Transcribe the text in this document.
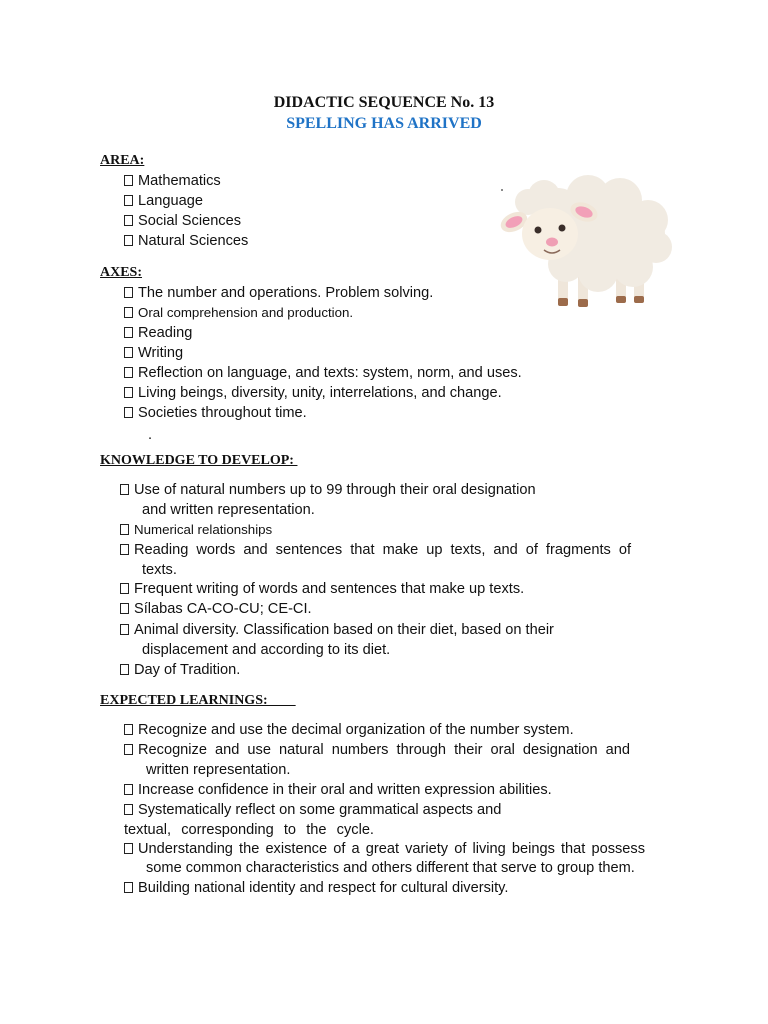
DIDACTIC SEQUENCE No. 13
SPELLING HAS ARRIVED
AREA:
Mathematics
Language
Social Sciences
Natural Sciences
AXES:
The number and operations. Problem solving.
Oral comprehension and production.
Reading
Writing
Reflection on language, and texts: system, norm, and uses.
Living beings, diversity, unity, interrelations, and change.
Societies throughout time.
.
KNOWLEDGE TO DEVELOP:
Use of natural numbers up to 99 through their oral designation
and written representation.
Numerical relationships
Reading words and sentences that make up texts, and of fragments of
texts.
Frequent writing of words and sentences that make up texts.
Sílabas CA-CO-CU; CE-CI.
Animal diversity. Classification based on their diet, based on their
displacement and according to its diet.
Day of Tradition.
EXPECTED LEARNINGS:
Recognize and use the decimal organization of the number system.
Recognize and use natural numbers through their oral designation and
written representation.
Increase confidence in their oral and written expression abilities.
Systematically reflect on some grammatical aspects and
textual, corresponding to the cycle.
Understanding the existence of a great variety of living beings that possess
some common characteristics and others different that serve to group them.
Building national identity and respect for cultural diversity.
